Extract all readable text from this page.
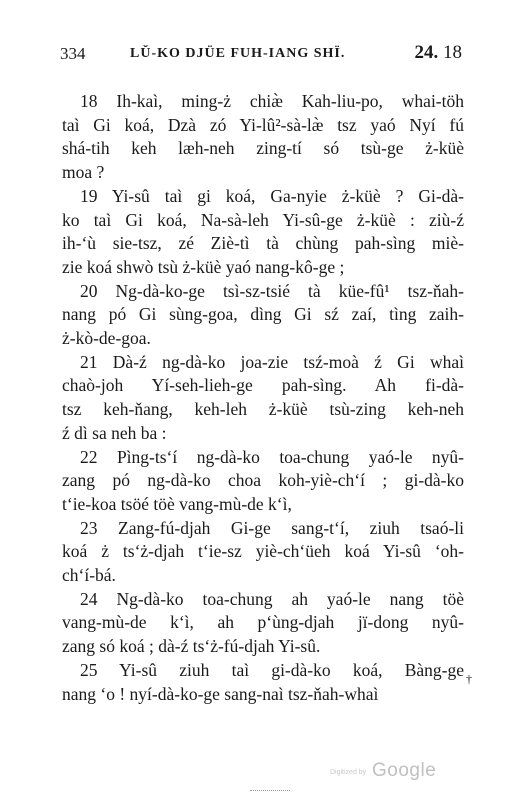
334	LŬ-KO DJÜE FUH-IANG SHÏ.	24. 18
18 Ih-kaì, ming-ż chiæ̀ Kah-liu-po, whai-töh
taì Gi koá, Dzà zó Yi-lû²-sà-læ̀ tsz yaó Nyí fú
shá-tih keh læh-neh zing-tí só tsù-ge ż-küè
moa ?
19 Yi-sû taì gi koá, Ga-nyie ż-küè ? Gi-dà-
ko taì Gi koá, Na-sà-leh Yi-sû-ge ż-küè : ziù-ź
ih-ʻù sie-tsz, zé Ziè-tì tà chùng pah-sìng miè-
zie koá shwò tsù ż-küè yaó nang-kô-ge ;
20 Ng-dà-ko-ge tsì-sz-tsié tà küe-fû¹ tsz-ňah-
nang pó Gi sùng-goa, dìng Gi sź zaí, tìng zaih-
ż-kò-de-goa.
21 Dà-ź ng-dà-ko joa-zie tsź-moà ź Gi whaì
chaò-joh Yí-seh-lieh-ge pah-sìng. Ah fi-dà-
tsz keh-ňang, keh-leh ż-küè tsù-zing keh-neh
ź dì sa neh ba :
22 Pìng-tsʻí ng-dà-ko toa-chung yaó-le nyû-
zang pó ng-dà-ko choa koh-yiè-chʻí ; gi-dà-ko
tʻie-koa tsöé töè vang-mù-de kʻì,
23 Zang-fú-djah Gi-ge sang-tʻí, ziuh tsaó-li
koá ż tsʻż-djah tʻie-sz yiè-chʻüeh koá Yi-sû ʻoh-
chʻí-bá.
24 Ng-dà-ko toa-chung ah yaó-le nang töè
vang-mù-de kʻì, ah pʻùng-djah jï-dong nyû-
zang só koá ; dà-ź tsʻż-fú-djah Yi-sû.
25 Yi-sû ziuh taì gi-dà-ko koá, Bàng-ge
nang ʻo ! nyí-dà-ko-ge sang-naì tsz-ňah-whaì
†
Digitized by Google
